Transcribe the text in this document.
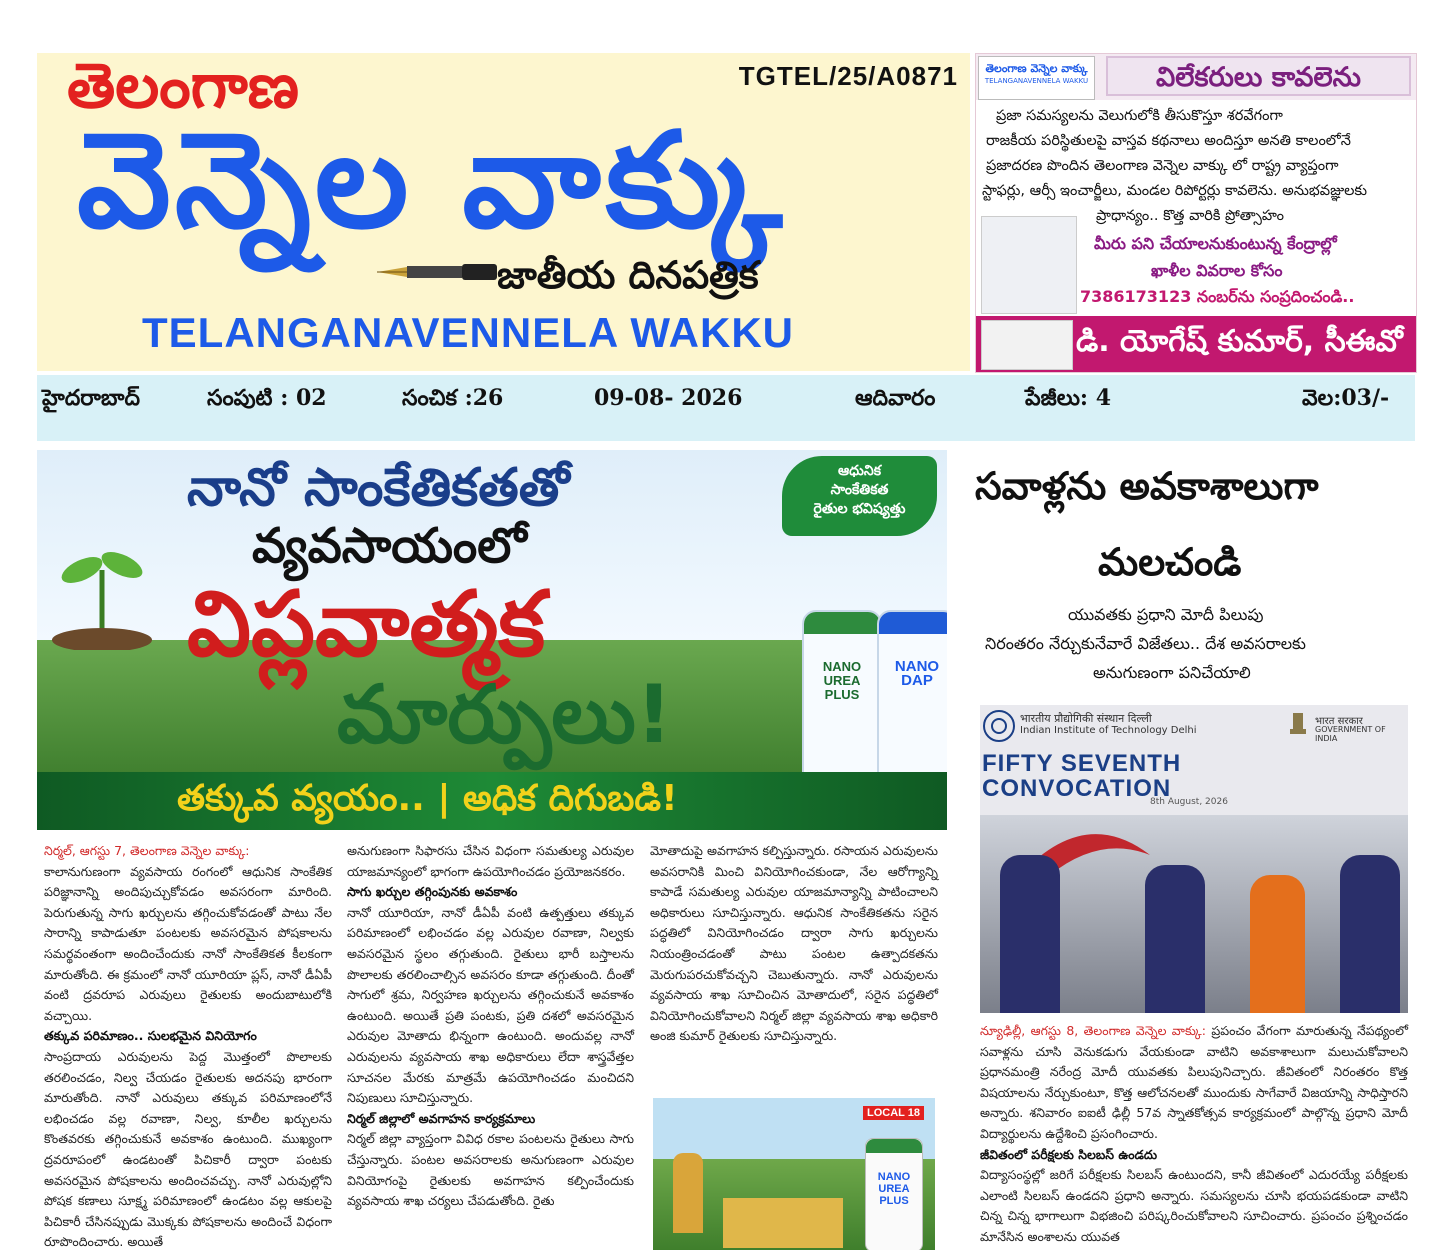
TGTEL/25/A0871
తెలంగాణ
వెన్నెల వాక్కు
జాతీయ దినపత్రిక
TELANGANAVENNELA WAKKU
తెలంగాణ వెన్నెల వాక్కు
TELANGANAVENNELA WAKKU	విలేకరులు కావలెను
ప్రజా సమస్యలను వెలుగులోకి తీసుకొస్తూ శరవేగంగా
రాజకీయ పరిస్థితులపై వాస్తవ కథనాలు అందిస్తూ అనతి కాలంలోనే
ప్రజాదరణ పొందిన తెలంగాణ వెన్నెల వాక్కు లో రాష్ట్ర వ్యాప్తంగా
స్టాఫర్లు, ఆర్సీ ఇంచార్జీలు, మండల రిపోర్టర్లు కావలెను. అనుభవజ్ఞులకు
ప్రాధాన్యం.. కొత్త వారికి ప్రోత్సాహం
మీరు పని చేయాలనుకుంటున్న కేంద్రాల్లో
ఖాళీల వివరాల కోసం
7386173123 నంబర్‌ను సంప్రదించండి..
డి. యోగేష్ కుమార్, సీఈవో
హైదరాబాద్	సంపుటి : 02	సంచిక :26	09-08- 2026	ఆదివారం	పేజీలు: 4	వెల:03/-
నానో సాంకేతికతతో
వ్యవసాయంలో
విప్లవాత్మక
మార్పులు!
ఆధునిక
సాంకేతికత
రైతుల భవిష్యత్తు
NANO
UREA
PLUS
NANO
DAP
తక్కువ వ్యయం.. | అధిక దిగుబడి!
సవాళ్లను అవకాశాలుగా
మలచండి
యువతకు ప్రధాని మోదీ పిలుపు
నిరంతరం నేర్చుకునేవారే విజేతలు.. దేశ అవసరాలకు
అనుగుణంగా పనిచేయాలి
भारतीय प्रौद्योगिकी संस्थान दिल्ली
Indian Institute of Technology Delhi
भारत सरकार
GOVERNMENT OF INDIA
FIFTY SEVENTH
CONVOCATION
8th August, 2026
న్యూఢిల్లీ, ఆగస్టు 8, తెలంగాణ వెన్నెల వాక్కు: ప్రపంచం వేగంగా మారుతున్న నేపథ్యంలో సవాళ్లను చూసి వెనుకడుగు వేయకుండా వాటిని అవకాశాలుగా మలుచుకోవాలని ప్రధానమంత్రి నరేంద్ర మోదీ యువతకు పిలుపునిచ్చారు. జీవితంలో నిరంతరం కొత్త విషయాలను నేర్చుకుంటూ, కొత్త ఆలోచనలతో ముందుకు సాగేవారే విజయాన్ని సాధిస్తారని అన్నారు. శనివారం ఐఐటీ ఢిల్లీ 57వ స్నాతకోత్సవ కార్యక్రమంలో పాల్గొన్న ప్రధాని మోదీ విద్యార్థులను ఉద్దేశించి ప్రసంగించారు.
జీవితంలో పరీక్షలకు సిలబస్ ఉండదు
విద్యాసంస్థల్లో జరిగే పరీక్షలకు సిలబస్ ఉంటుందని, కానీ జీవితంలో ఎదురయ్యే పరీక్షలకు ఎలాంటి సిలబస్ ఉండదని ప్రధాని అన్నారు. సమస్యలను చూసి భయపడకుండా వాటిని చిన్న చిన్న భాగాలుగా విభజించి పరిష్కరించుకోవాలని సూచించారు. ప్రపంచం ప్రశ్నించడం మానేసిన అంశాలను యువత
నిర్మల్, ఆగస్టు 7, తెలంగాణ వెన్నెల వాక్కు:
కాలానుగుణంగా వ్యవసాయ రంగంలో ఆధునిక సాంకేతిక పరిజ్ఞానాన్ని అందిపుచ్చుకోవడం అవసరంగా మారింది. పెరుగుతున్న సాగు ఖర్చులను తగ్గించుకోవడంతో పాటు నేల సారాన్ని కాపాడుతూ పంటలకు అవసరమైన పోషకాలను సమర్థవంతంగా అందించేందుకు నానో సాంకేతికత కీలకంగా మారుతోంది. ఈ క్రమంలో నానో యూరియా ప్లస్, నానో డీఏపీ వంటి ద్రవరూప ఎరువులు రైతులకు అందుబాటులోకి వచ్చాయి.
తక్కువ పరిమాణం.. సులభమైన వినియోగం
సాంప్రదాయ ఎరువులను పెద్ద మొత్తంలో పొలాలకు తరలించడం, నిల్వ చేయడం రైతులకు అదనపు భారంగా మారుతోంది. నానో ఎరువులు తక్కువ పరిమాణంలోనే లభించడం వల్ల రవాణా, నిల్వ, కూలీల ఖర్చులను కొంతవరకు తగ్గించుకునే అవకాశం ఉంటుంది. ముఖ్యంగా ద్రవరూపంలో ఉండటంతో పిచికారీ ద్వారా పంటకు అవసరమైన పోషకాలను అందించవచ్చు. నానో ఎరువుల్లోని పోషక కణాలు సూక్ష్మ పరిమాణంలో ఉండటం వల్ల ఆకులపై పిచికారీ చేసినప్పుడు మొక్కకు పోషకాలను అందించే విధంగా రూపొందించారు. అయితే
అనుగుణంగా సిఫారసు చేసిన విధంగా సమతుల్య ఎరువుల యాజమాన్యంలో భాగంగా ఉపయోగించడం ప్రయోజనకరం.
సాగు ఖర్చుల తగ్గింపునకు అవకాశం
నానో యూరియా, నానో డీఏపీ వంటి ఉత్పత్తులు తక్కువ పరిమాణంలో లభించడం వల్ల ఎరువుల రవాణా, నిల్వకు అవసరమైన స్థలం తగ్గుతుంది. రైతులు భారీ బస్తాలను పొలాలకు తరలించాల్సిన అవసరం కూడా తగ్గుతుంది. దీంతో సాగులో శ్రమ, నిర్వహణ ఖర్చులను తగ్గించుకునే అవకాశం ఉంటుంది. అయితే ప్రతి పంటకు, ప్రతి దశలో అవసరమైన ఎరువుల మోతాదు భిన్నంగా ఉంటుంది. అందువల్ల నానో ఎరువులను వ్యవసాయ శాఖ అధికారులు లేదా శాస్త్రవేత్తల సూచనల మేరకు మాత్రమే ఉపయోగించడం మంచిదని నిపుణులు సూచిస్తున్నారు.
నిర్మల్ జిల్లాలో అవగాహన కార్యక్రమాలు
నిర్మల్ జిల్లా వ్యాప్తంగా వివిధ రకాల పంటలను రైతులు సాగు చేస్తున్నారు. పంటల అవసరాలకు అనుగుణంగా ఎరువుల వినియోగంపై రైతులకు అవగాహన కల్పించేందుకు వ్యవసాయ శాఖ చర్యలు చేపడుతోంది. రైతు
మోతాదుపై అవగాహన కల్పిస్తున్నారు. రసాయన ఎరువులను అవసరానికి మించి వినియోగించకుండా, నేల ఆరోగ్యాన్ని కాపాడే సమతుల్య ఎరువుల యాజమాన్యాన్ని పాటించాలని అధికారులు సూచిస్తున్నారు. ఆధునిక సాంకేతికతను సరైన పద్ధతిలో వినియోగించడం ద్వారా సాగు ఖర్చులను నియంత్రించడంతో పాటు పంటల ఉత్పాదకతను మెరుగుపరచుకోవచ్చని చెబుతున్నారు. నానో ఎరువులను వ్యవసాయ శాఖ సూచించిన మోతాదులో, సరైన పద్ధతిలో వినియోగించుకోవాలని నిర్మల్ జిల్లా వ్యవసాయ శాఖ అధికారి అంజి కుమార్ రైతులకు సూచిస్తున్నారు.
LOCAL 18
NANO
UREA
PLUS
